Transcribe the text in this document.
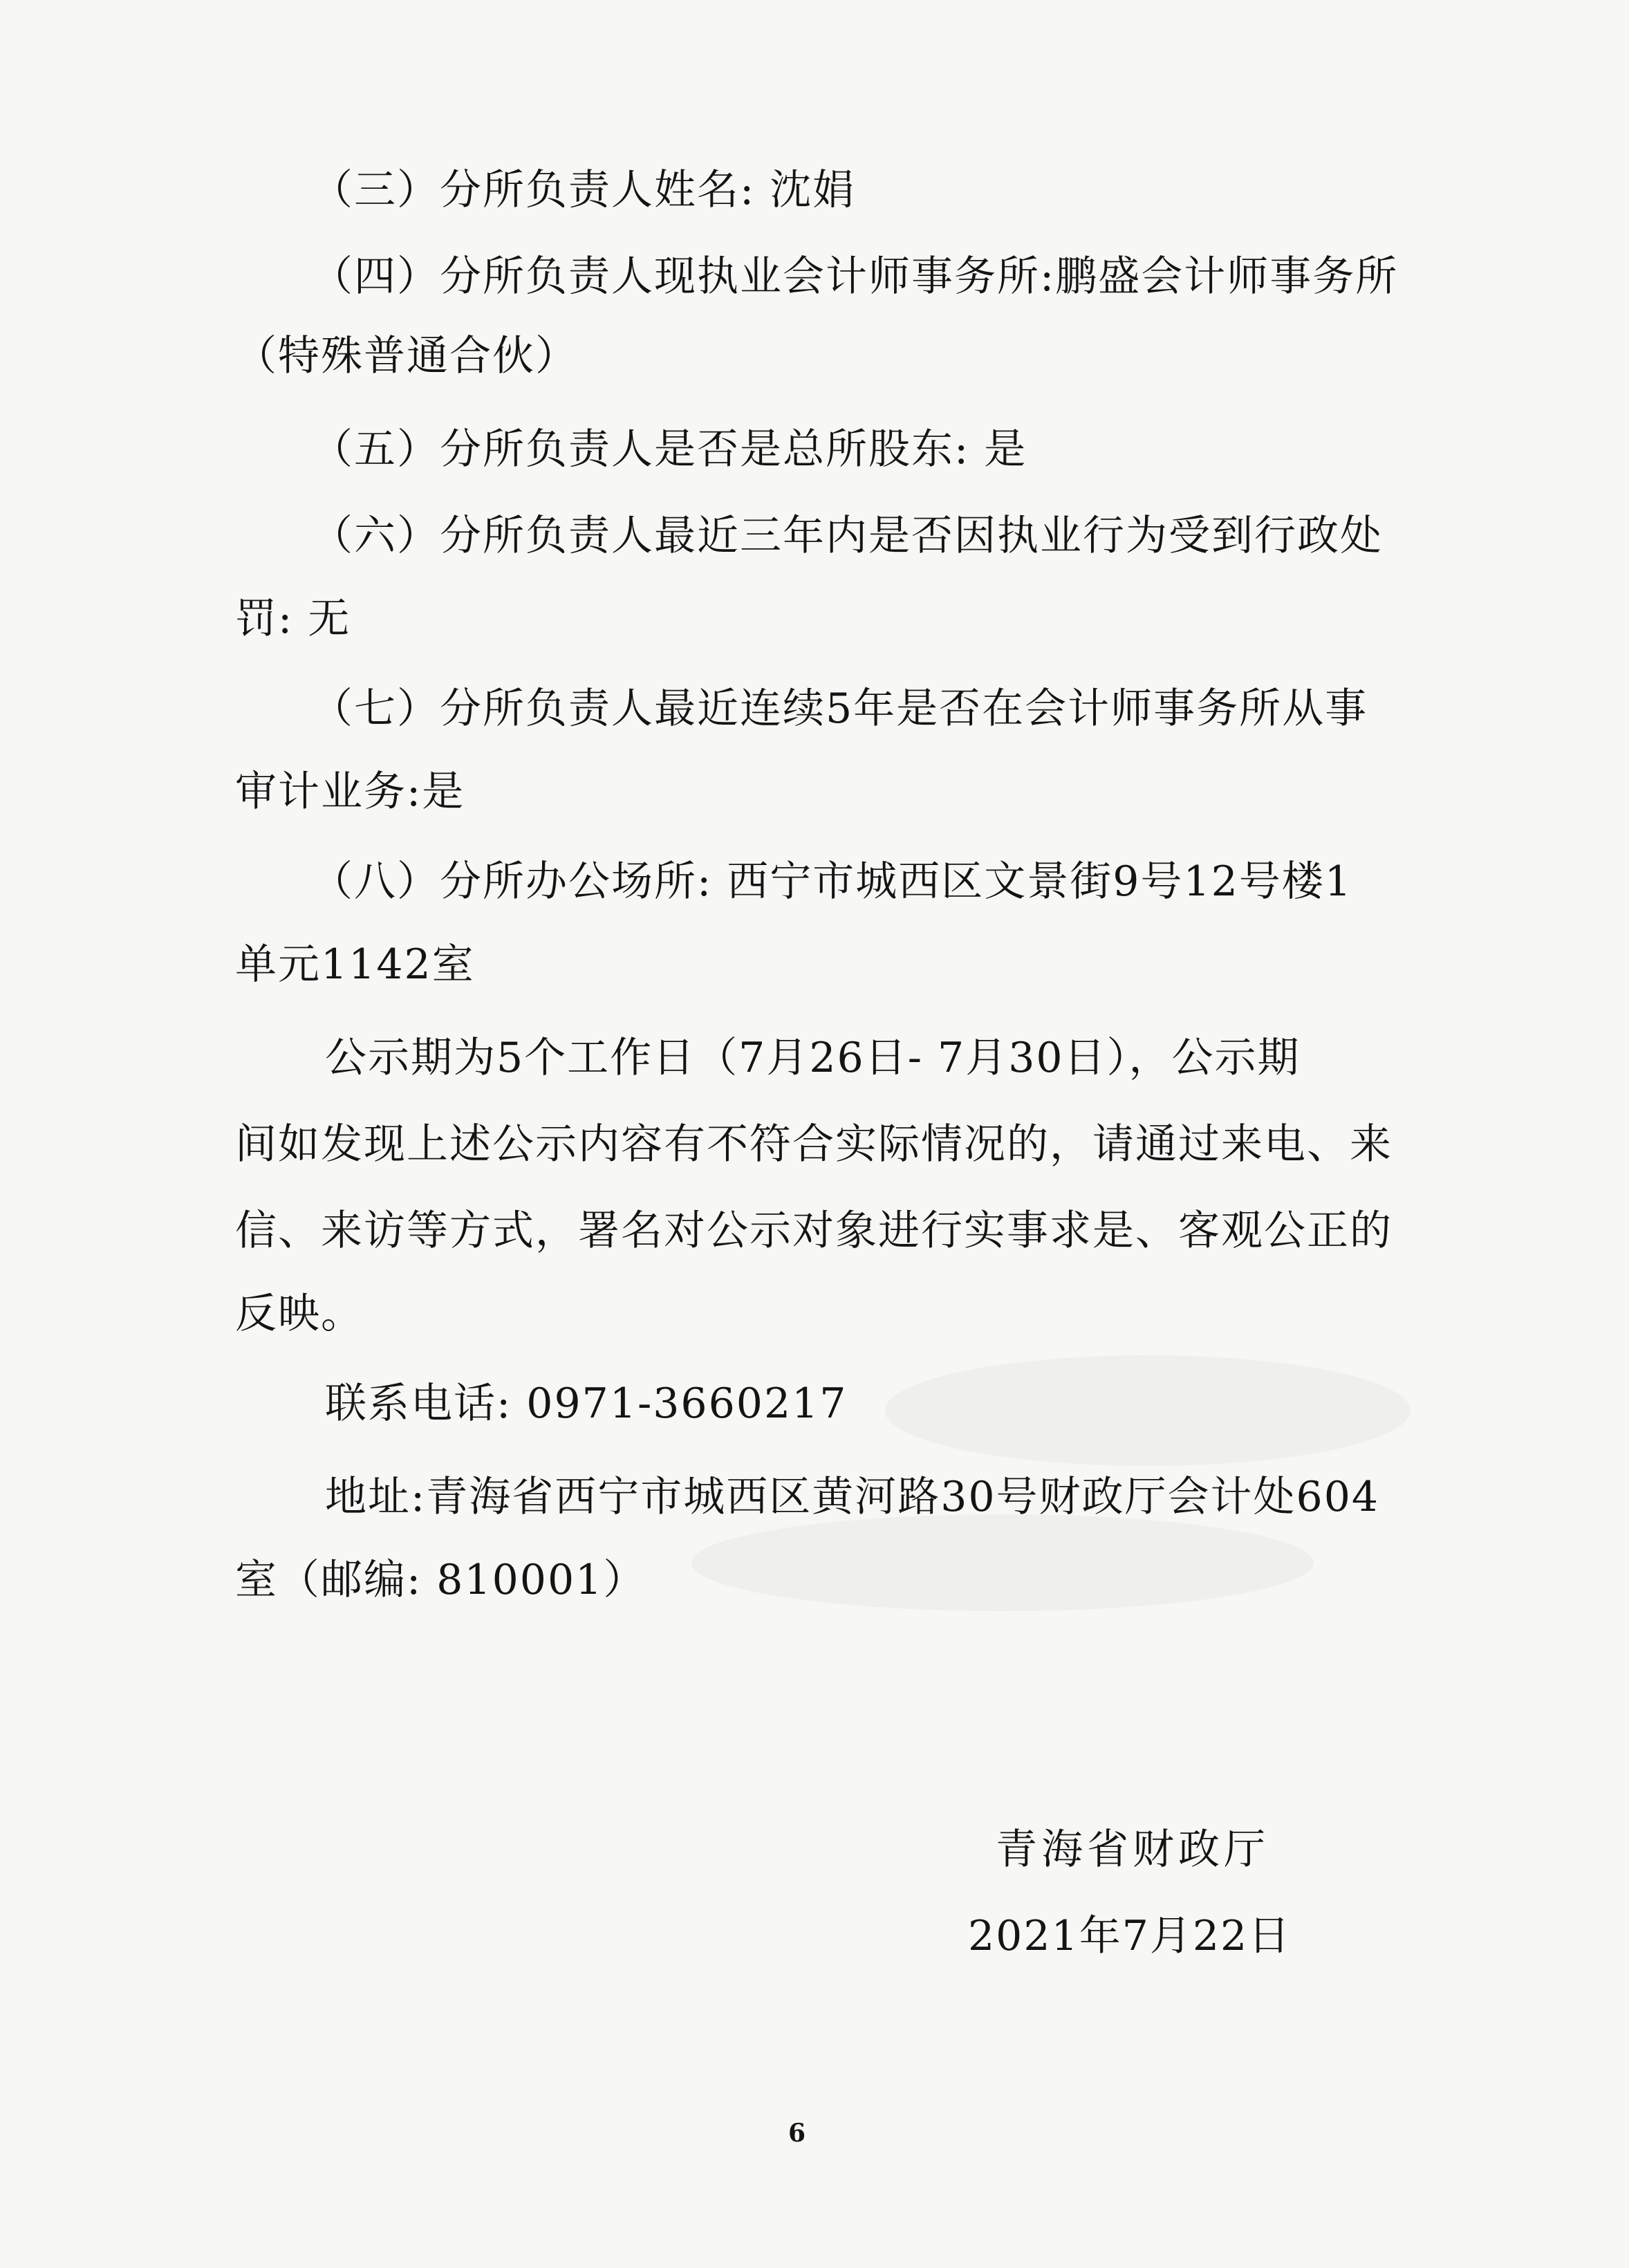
（三）分所负责人姓名: 沈娟
（四）分所负责人现执业会计师事务所:鹏盛会计师事务所
（特殊普通合伙）
（五）分所负责人是否是总所股东: 是
（六）分所负责人最近三年内是否因执业行为受到行政处
罚: 无
（七）分所负责人最近连续5年是否在会计师事务所从事
审计业务:是
（八）分所办公场所: 西宁市城西区文景街9号12号楼1
单元1142室
公示期为5个工作日（7月26日- 7月30日），公示期
间如发现上述公示内容有不符合实际情况的，请通过来电、来
信、来访等方式，署名对公示对象进行实事求是、客观公正的
反映。
联系电话: 0971-3660217
地址:青海省西宁市城西区黄河路30号财政厅会计处604
室（邮编: 810001）
青海省财政厅
2021年7月22日
6
